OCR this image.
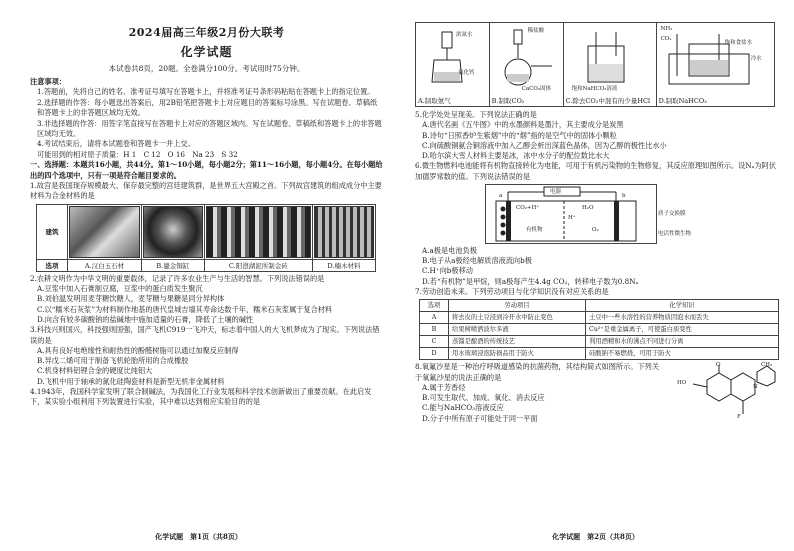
2024届高三年级2月份大联考
化学试题
本试卷共8页，20题。全卷满分100分。考试用时75分钟。

注意事项：

1.答题前，先将自己的姓名、准考证号填写在答题卡上，并将准考证号条形码粘贴在答题卡上的指定位置。

2.选择题的作答：每小题选出答案后，用2B铅笔把答题卡上对应题目的答案标号涂黑。写在试题卷、草稿纸和答题卡上的非答题区域均无效。

3.非选择题的作答：用签字笔直接写在答题卡上对应的答题区域内。写在试题卷、草稿纸和答题卡上的非答题区域均无效。

4.考试结束后，请将本试题卷和答题卡一并上交。

可能用到的相对原子质量：H 1　C 12　O 16　Na 23　S 32

一、选择题：本题共16小题，共44分。第1～10小题，每小题2分；第11～16小题，每小题4分。在每小题给出的四个选项中，只有一项是符合题目要求的。

1.故宫是我国现存规模最大、保存最完整的宫廷建筑群，是世界五大宫殿之首。下列故宫建筑的组成成分中主要材料为合金材料的是

建筑	

选项	A.汉白玉石材	B.鎏金铜缸	C.阳澄湖泥所制金砖	D.楠木材料

2.农耕文明作为中华文明的重要载体，记录了许多农业生产与生活的智慧。下列说法错误的是

A.豆浆中加入石膏制豆腐，豆浆中的蛋白质发生聚沉

B.刘伯温发明用麦芽糖饮糖人，麦芽糖与果糖是同分异构体

C.以“糯米石灰浆”为材料制作地基的唐代皇城吉墙其寿命达数千年，糯米石灰浆属于复合材料

D.向含有较多碳酸钠的盐碱地中施加适量的石膏，降低了土壤的碱性

3.科技兴则国兴，科技强则国强，国产飞机C919一飞冲天，标志着中国人的大飞机梦成为了现实。下列说法错误的是

A.具有良好电绝缘性和耐热性的酚醛树脂可以通过加聚反应制得

B.异戊二烯可用于制备飞机轮胎所用的合成橡胶

C.机身材料铝锂合金的硬度比纯铝大

D.飞机中用于轴承的氮化硅陶瓷材料是新型无机非金属材料

4.1943年，我国科学家发明了联合制碱法，为我国化工行业发展和科学技术创新做出了重要贡献。在此启发下，某实验小组利用下列装置进行实验，其中难以达到相应实验目的的是

化学试题　第1页（共8页）
浓氨水
氧化钙
A.制取氨气

稀盐酸
CaCO₃固体
B.制取CO₂

饱和NaHCO₃溶液
C.除去CO₂中混有的少量HCl

NH₃
CO₂
冷水
饱和食盐水
D.制取NaHCO₃

5.化学处处呈现美。下列说法正确的是

A.唐代名画《五牛图》中的水墨颜料是墨汁，其主要成分是炭黑

B.诗句“日照香炉生紫烟”中的“烟”指的是空气中的固体小颗粒

C.向硫酸铜氨合铜溶液中加入乙醇会析出深蓝色晶体，因为乙醇的极性比水小

D.哈尔滨大雪人材料主要是冰，冰中水分子的配位数比水大

6.微生物燃料电池能将有机物直接转化为电能，可用于有机污染物的生物修复，其反应原理如图所示。设Nₐ为阿伏加德罗常数的值。下列说法错误的是

电器
a	b
H⁺
有机物
CO₂+H⁺	H₂O
O₂
质子交换膜
电活性微生物

A.a极是电池负极

B.电子从a极经电解质溶液流向b极

C.H⁺向b极移动

D.若“有机物”是甲烷，则a极每产生4.4g CO₂，转移电子数为0.8Nₐ

7.劳动创造未来。下列劳动项目与化学知识没有对应关系的是

选项	劳动项目	化学知识
A	将去皮的土豆浸到冷开水中防止变色	土豆中一些水溶性的营养物质因泡水而丢失
B	给果树喷洒波尔多液	Cu²⁺是重金属离子，可使蛋白质变性
C	蒸馏是酿酒的传统技艺	利用酒精和水的沸点不同进行分离
D	用水玻璃浸泡防损品用于防火	硅酸钠不易燃烧，可用于防火

8.氧氟沙星是一种治疗呼吸道感染的抗菌药物，其结构简式如图所示。下列关于氧氟沙星的说法正确的是

A.属于芳香烃

B.可发生取代、加成、氧化、消去反应

C.能与NaHCO₃溶液反应

D.分子中所有原子可能处于同一平面

HO
F
N
O	CH₃
化学试题　第2页（共8页）
